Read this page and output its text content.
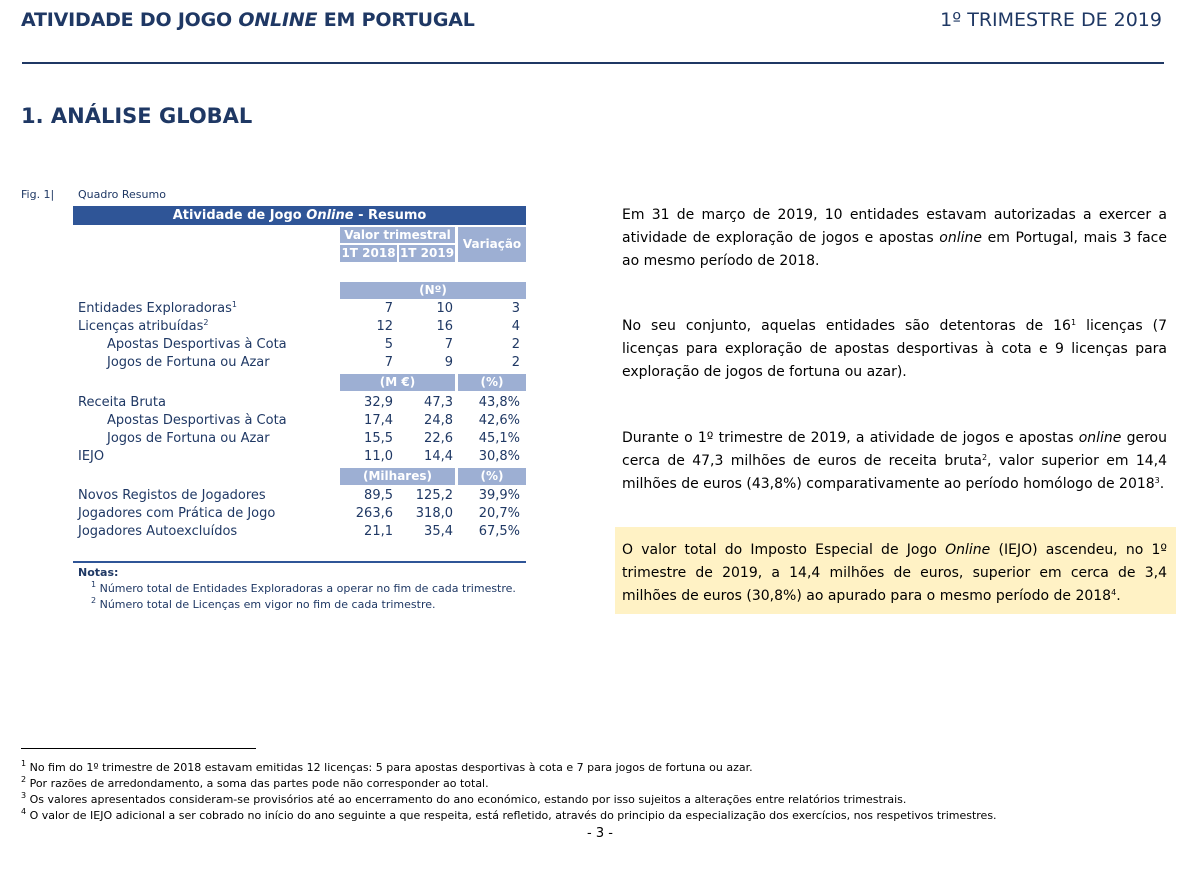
ATIVIDADE DO JOGO ONLINE EM PORTUGAL	1º TRIMESTRE DE 2019
1. ANÁLISE GLOBAL
Fig. 1| Quadro Resumo
Atividade de Jogo Online - Resumo
Valor trimestral
Variação
1T 2018 1T 2019
(Nº)
Entidades Exploradoras$^1$	7	10	3
Licenças atribuídas$^2$	12	16	4
Apostas Desportivas à Cota	5	7	2
Jogos de Fortuna ou Azar	7	9	2
(M €)	(%)
Receita Bruta	32,9 47,3 43,8%
Apostas Desportivas à Cota	17,4 24,8 42,6%
Jogos de Fortuna ou Azar	15,5 22,6 45,1%
IEJO	11,0 14,4 30,8%
(Milhares)	(%)
Novos Registos de Jogadores	89,5 125,2 39,9%
Jogadores com Prática de Jogo	263,6 318,0 20,7%
Jogadores Autoexcluídos	21,1 35,4 67,5%
Notas:
$^1$ Número total de Entidades Exploradoras a operar no fim de cada trimestre.
$^2$ Número total de Licenças em vigor no fim de cada trimestre.
Em 31 de março de 2019, 10 entidades estavam autorizadas a exercer a atividade de exploração de jogos e apostas online em Portugal, mais 3 face ao mesmo período de 2018.
No seu conjunto, aquelas entidades são detentoras de $16^1$ licenças (7 licenças para exploração de apostas desportivas à cota e 9 licenças para exploração de jogos de fortuna ou azar).
Durante o 1º trimestre de 2019, a atividade de jogos e apostas online gerou cerca de 47,3 milhões de euros de receita bruta$^2$, valor superior em 14,4 milhões de euros (43,8%) comparativamente ao período homólogo de 2018$^3$.
O valor total do Imposto Especial de Jogo Online (IEJO) ascendeu, no 1º trimestre de 2019, a 14,4 milhões de euros, superior em cerca de 3,4 milhões de euros (30,8%) ao apurado para o mesmo período de 2018$^4$.
$^1$ No fim do 1º trimestre de 2018 estavam emitidas 12 licenças: 5 para apostas desportivas à cota e 7 para jogos de fortuna ou azar.
$^2$ Por razões de arredondamento, a soma das partes pode não corresponder ao total.
$^3$ Os valores apresentados consideram-se provisórios até ao encerramento do ano económico, estando por isso sujeitos a alterações entre relatórios trimestrais.
$^4$ O valor de IEJO adicional a ser cobrado no início do ano seguinte a que respeita, está refletido, através do principio da especialização dos exercícios, nos respetivos trimestres.
- 3 -
